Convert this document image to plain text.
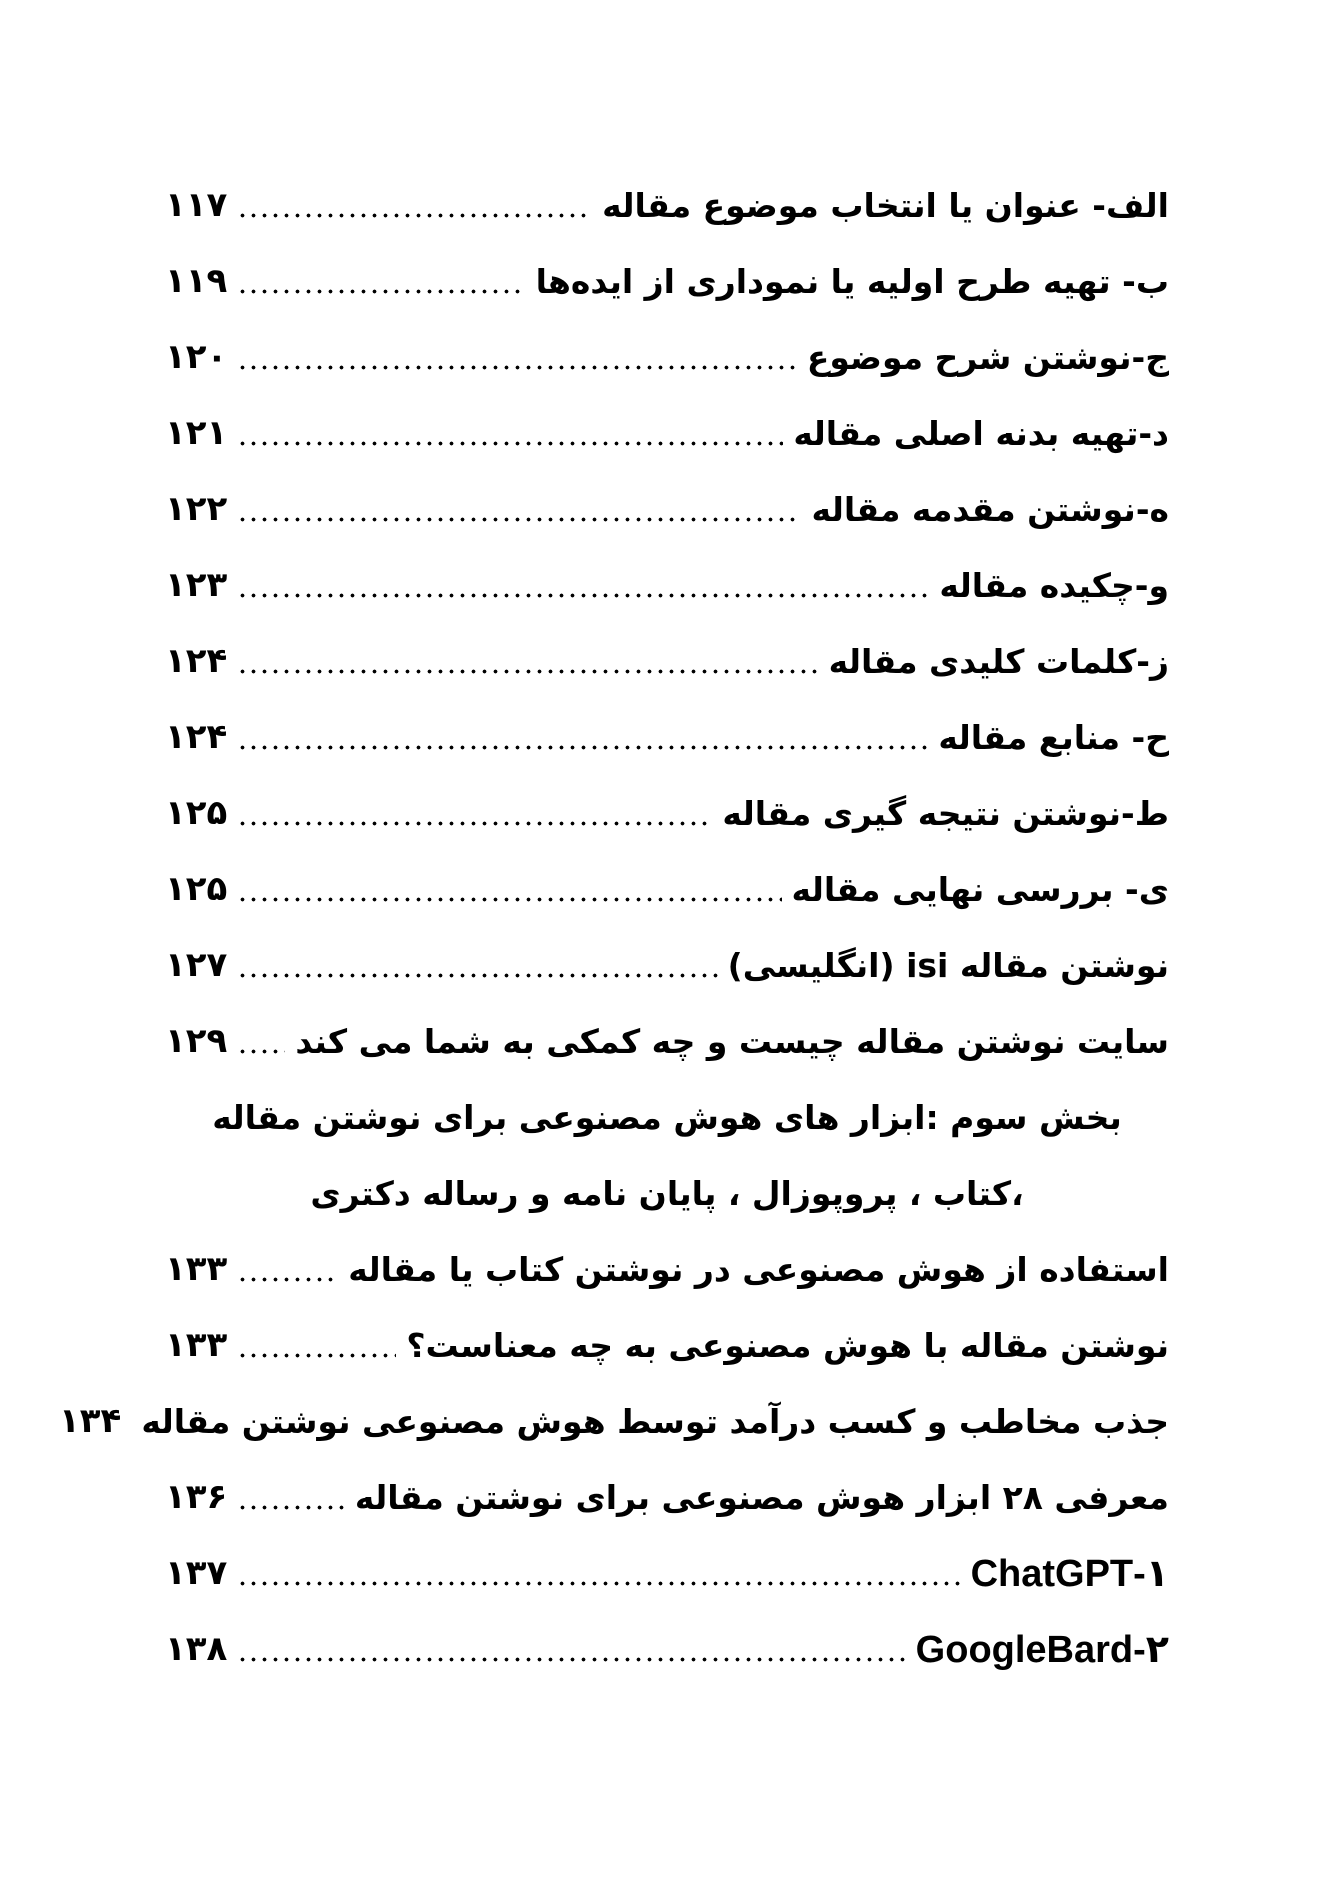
الف- عنوان یا انتخاب موضوع مقاله
۱۱۷
ب- تهیه طرح اولیه یا نموداری از ایده‌ها
۱۱۹
ج-نوشتن شرح موضوع
۱۲۰
د-تهیه بدنه اصلی مقاله
۱۲۱
ه-نوشتن مقدمه مقاله
۱۲۲
و-چکیده مقاله
۱۲۳
ز-کلمات کلیدی مقاله
۱۲۴
ح- منابع مقاله
۱۲۴
ط-نوشتن نتیجه گیری مقاله
۱۲۵
ی- بررسی نهایی مقاله
۱۲۵
نوشتن مقاله isi (انگلیسی)
۱۲۷
سایت نوشتن مقاله چیست و چه کمکی به شما می کند
۱۲۹
بخش سوم :ابزار های هوش مصنوعی برای نوشتن مقاله
،کتاب ، پروپوزال ، پایان نامه و رساله دکتری
استفاده از هوش مصنوعی در نوشتن کتاب یا مقاله
۱۳۳
نوشتن مقاله با هوش مصنوعی به چه معناست؟
۱۳۳
جذب مخاطب و کسب درآمد توسط هوش مصنوعی نوشتن مقاله
۱۳۴
معرفی ۲۸ ابزار هوش مصنوعی برای نوشتن مقاله
۱۳۶
۱-ChatGPT
۱۳۷
۲-GoogleBard
۱۳۸
